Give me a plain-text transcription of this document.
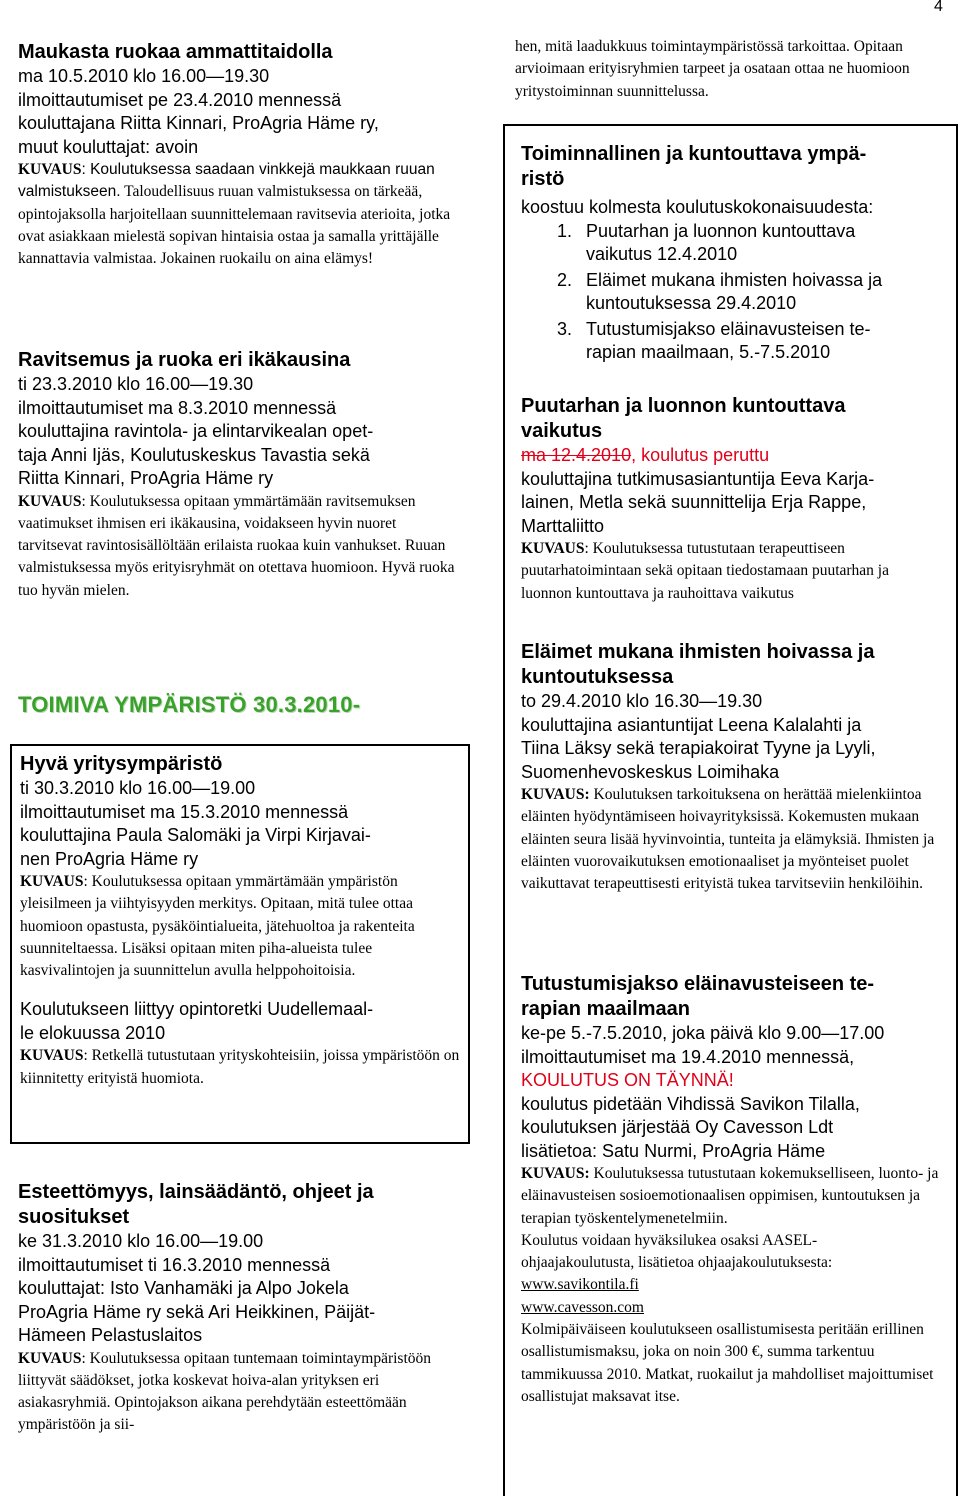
4
Maukasta ruokaa ammattitaidolla
ma 10.5.2010 klo 16.00—19.30
ilmoittautumiset pe 23.4.2010 mennessä
kouluttajana Riitta Kinnari, ProAgria Häme ry,
muut kouluttajat: avoin

KUVAUS: Koulutuksessa saadaan vinkkejä maukkaan ruuan valmistukseen. Taloudellisuus ruuan valmistuksessa on tärkeää, opintojaksolla harjoitellaan suunnittelemaan ravitsevia aterioita, jotka ovat asiakkaan mielestä sopivan hintaisia ostaa ja samalla yrittäjälle kannattavia valmistaa. Jokainen ruokailu on aina elämys!

Ravitsemus ja ruoka eri ikäkausina
ti 23.3.2010 klo 16.00—19.30
ilmoittautumiset ma 8.3.2010 mennessä
kouluttajina ravintola- ja elintarvikealan opet-
taja Anni Ijäs, Koulutuskeskus Tavastia sekä
Riitta Kinnari, ProAgria Häme ry

KUVAUS: Koulutuksessa opitaan ymmärtämään ravitsemuksen vaatimukset ihmisen eri ikäkausina, voidakseen hyvin nuoret tarvitsevat ravintosisällöltään erilaista ruokaa kuin vanhukset. Ruuan valmistuksessa myös erityisryhmät on otettava huomioon. Hyvä ruoka tuo hyvän mielen.

TOIMIVA YMPÄRISTÖ 30.3.2010-
Hyvä yritysympäristö
ti 30.3.2010 klo 16.00—19.00
ilmoittautumiset ma 15.3.2010 mennessä
kouluttajina Paula Salomäki ja Virpi Kirjavai-
nen ProAgria Häme ry

KUVAUS: Koulutuksessa opitaan ymmärtämään ympäristön yleisilmeen ja viihtyisyyden merkitys. Opitaan, mitä tulee ottaa huomioon opastusta, pysäköintialueita, jätehuoltoa ja rakenteita suunniteltaessa. Lisäksi opitaan miten piha-alueista tulee kasvivalintojen ja suunnittelun avulla helppohoitoisia.

Koulutukseen liittyy opintoretki Uudellemaal-
le elokuussa 2010

KUVAUS: Retkellä tutustutaan yrityskohteisiin, joissa ympäristöön on kiinnitetty erityistä huomiota.

Esteettömyys, lainsäädäntö, ohjeet ja suositukset
ke 31.3.2010 klo 16.00—19.00
ilmoittautumiset ti 16.3.2010 mennessä
kouluttajat: Isto Vanhamäki ja Alpo Jokela
ProAgria Häme ry sekä Ari Heikkinen, Päijät-
Hämeen Pelastuslaitos

KUVAUS: Koulutuksessa opitaan tuntemaan toimintaympäristöön liittyvät säädökset, jotka koskevat hoiva-alan yrityksen eri asiakasryhmiä. Opintojakson aikana perehdytään esteettömään ympäristöön ja sii-

hen, mitä laadukkuus toimintaympäristössä tarkoittaa. Opitaan arvioimaan erityisryhmien tarpeet ja osataan ottaa ne huomioon yritystoiminnan suunnittelussa.

Toiminnallinen ja kuntouttava ympä-
ristö
koostuu kolmesta koulutuskokonaisuudesta:
1. Puutarhan ja luonnon kuntouttava
vaikutus 12.4.2010
2. Eläimet mukana ihmisten hoivassa ja
kuntoutuksessa 29.4.2010
3. Tutustumisjakso eläinavusteisen te-
rapian maailmaan, 5.-7.5.2010
Puutarhan ja luonnon kuntouttava
vaikutus
ma 12.4.2010, koulutus peruttu
kouluttajina tutkimusasiantuntija Eeva Karja-
lainen, Metla sekä suunnittelija Erja Rappe,
Marttaliitto

KUVAUS: Koulutuksessa tutustutaan terapeuttiseen puutarhatoimintaan sekä opitaan tiedostamaan puutarhan ja luonnon kuntouttava ja rauhoittava vaikutus

Eläimet mukana ihmisten hoivassa ja
kuntoutuksessa
to 29.4.2010 klo 16.30—19.30
kouluttajina asiantuntijat Leena Kalalahti ja
Tiina Läksy sekä terapiakoirat Tyyne ja Lyyli,
Suomenhevoskeskus Loimihaka

KUVAUS: Koulutuksen tarkoituksena on herättää mielenkiintoa eläinten hyödyntämiseen hoivayrityksissä. Kokemusten mukaan eläinten seura lisää hyvinvointia, tunteita ja elämyksiä. Ihmisten ja eläinten vuorovaikutuksen emotionaaliset ja myönteiset puolet vaikuttavat terapeuttisesti erityistä tukea tarvitseviin henkilöihin.

Tutustumisjakso eläinavusteiseen te-
rapian maailmaan
ke-pe 5.-7.5.2010, joka päivä klo 9.00—17.00
ilmoittautumiset ma 19.4.2010 mennessä,
KOULUTUS ON TÄYNNÄ!
koulutus pidetään Vihdissä Savikon Tilalla,
koulutuksen järjestää Oy Cavesson Ldt
lisätietoa: Satu Nurmi, ProAgria Häme

KUVAUS: Koulutuksessa tutustutaan kokemukselliseen, luonto- ja eläinavusteisen sosioemotionaalisen oppimisen, kuntoutuksen ja terapian työskentelymenetelmiin.

Koulutus voidaan hyväksilukea osaksi AASEL-ohjaajakoulutusta, lisätietoa ohjaajakoulutuksesta:

www.savikontila.fi
www.cavesson.com

Kolmipäiväiseen koulutukseen osallistumisesta peritään erillinen osallistumismaksu, joka on noin 300 €, summa tarkentuu tammikuussa 2010. Matkat, ruokailut ja mahdolliset majoittumiset osallistujat maksavat itse.
